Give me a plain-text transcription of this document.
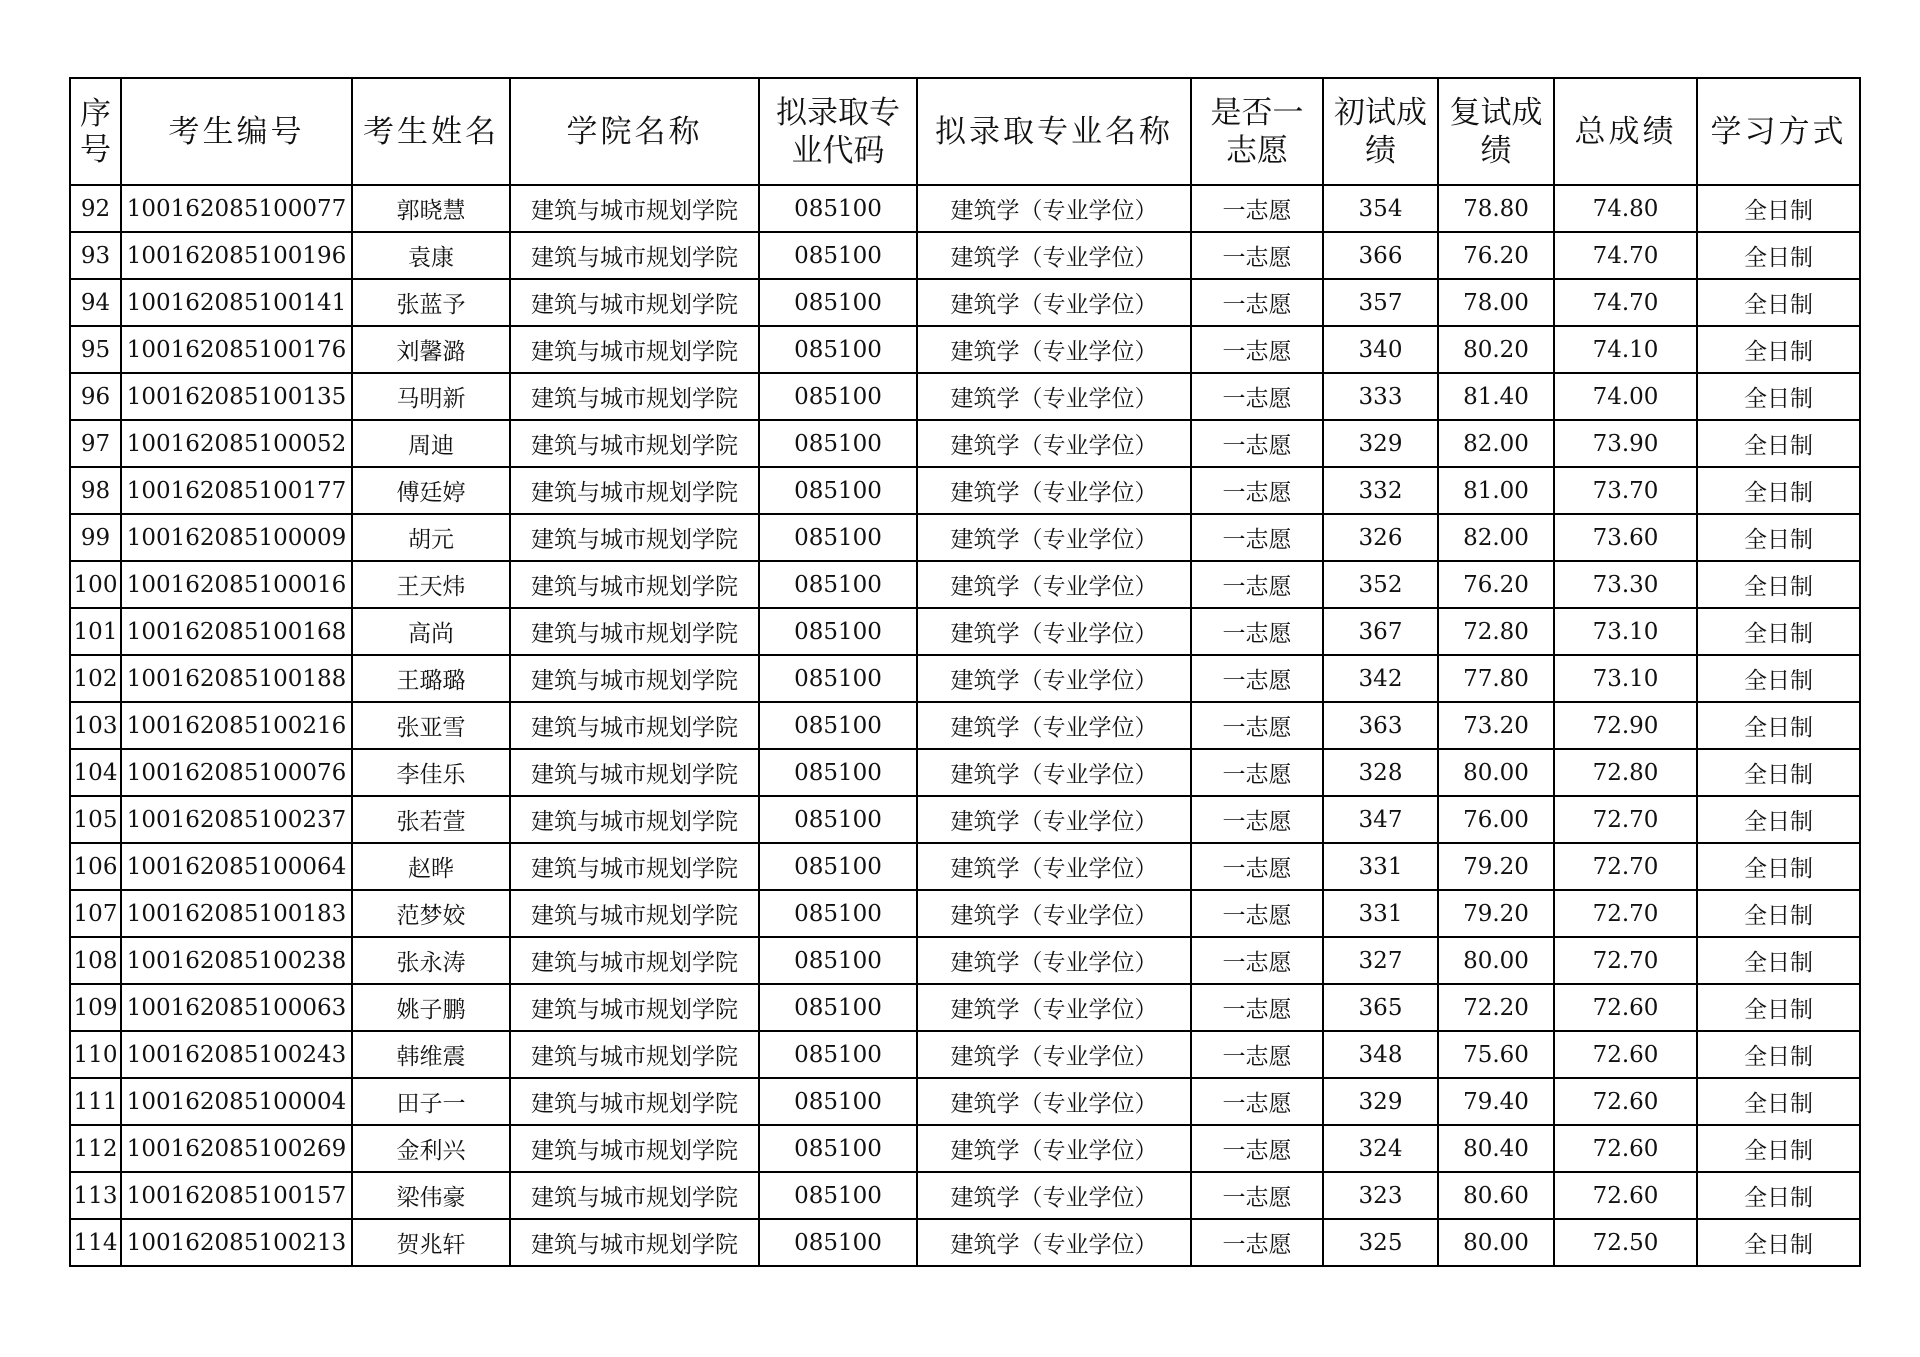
序号	考生编号	考生姓名	学院名称	拟录取专业代码	拟录取专业名称	是否一志愿	初试成绩	复试成绩	总成绩	学习方式
92	100162085100077	郭晓慧	建筑与城市规划学院	085100	建筑学（专业学位）	一志愿	354	78.80	74.80	全日制
93	100162085100196	袁康	建筑与城市规划学院	085100	建筑学（专业学位）	一志愿	366	76.20	74.70	全日制
94	100162085100141	张蓝予	建筑与城市规划学院	085100	建筑学（专业学位）	一志愿	357	78.00	74.70	全日制
95	100162085100176	刘馨潞	建筑与城市规划学院	085100	建筑学（专业学位）	一志愿	340	80.20	74.10	全日制
96	100162085100135	马明新	建筑与城市规划学院	085100	建筑学（专业学位）	一志愿	333	81.40	74.00	全日制
97	100162085100052	周迪	建筑与城市规划学院	085100	建筑学（专业学位）	一志愿	329	82.00	73.90	全日制
98	100162085100177	傅廷婷	建筑与城市规划学院	085100	建筑学（专业学位）	一志愿	332	81.00	73.70	全日制
99	100162085100009	胡元	建筑与城市规划学院	085100	建筑学（专业学位）	一志愿	326	82.00	73.60	全日制
100	100162085100016	王天炜	建筑与城市规划学院	085100	建筑学（专业学位）	一志愿	352	76.20	73.30	全日制
101	100162085100168	高尚	建筑与城市规划学院	085100	建筑学（专业学位）	一志愿	367	72.80	73.10	全日制
102	100162085100188	王璐璐	建筑与城市规划学院	085100	建筑学（专业学位）	一志愿	342	77.80	73.10	全日制
103	100162085100216	张亚雪	建筑与城市规划学院	085100	建筑学（专业学位）	一志愿	363	73.20	72.90	全日制
104	100162085100076	李佳乐	建筑与城市规划学院	085100	建筑学（专业学位）	一志愿	328	80.00	72.80	全日制
105	100162085100237	张若萱	建筑与城市规划学院	085100	建筑学（专业学位）	一志愿	347	76.00	72.70	全日制
106	100162085100064	赵晔	建筑与城市规划学院	085100	建筑学（专业学位）	一志愿	331	79.20	72.70	全日制
107	100162085100183	范梦姣	建筑与城市规划学院	085100	建筑学（专业学位）	一志愿	331	79.20	72.70	全日制
108	100162085100238	张永涛	建筑与城市规划学院	085100	建筑学（专业学位）	一志愿	327	80.00	72.70	全日制
109	100162085100063	姚子鹏	建筑与城市规划学院	085100	建筑学（专业学位）	一志愿	365	72.20	72.60	全日制
110	100162085100243	韩维震	建筑与城市规划学院	085100	建筑学（专业学位）	一志愿	348	75.60	72.60	全日制
111	100162085100004	田子一	建筑与城市规划学院	085100	建筑学（专业学位）	一志愿	329	79.40	72.60	全日制
112	100162085100269	金利兴	建筑与城市规划学院	085100	建筑学（专业学位）	一志愿	324	80.40	72.60	全日制
113	100162085100157	梁伟豪	建筑与城市规划学院	085100	建筑学（专业学位）	一志愿	323	80.60	72.60	全日制
114	100162085100213	贺兆轩	建筑与城市规划学院	085100	建筑学（专业学位）	一志愿	325	80.00	72.50	全日制
